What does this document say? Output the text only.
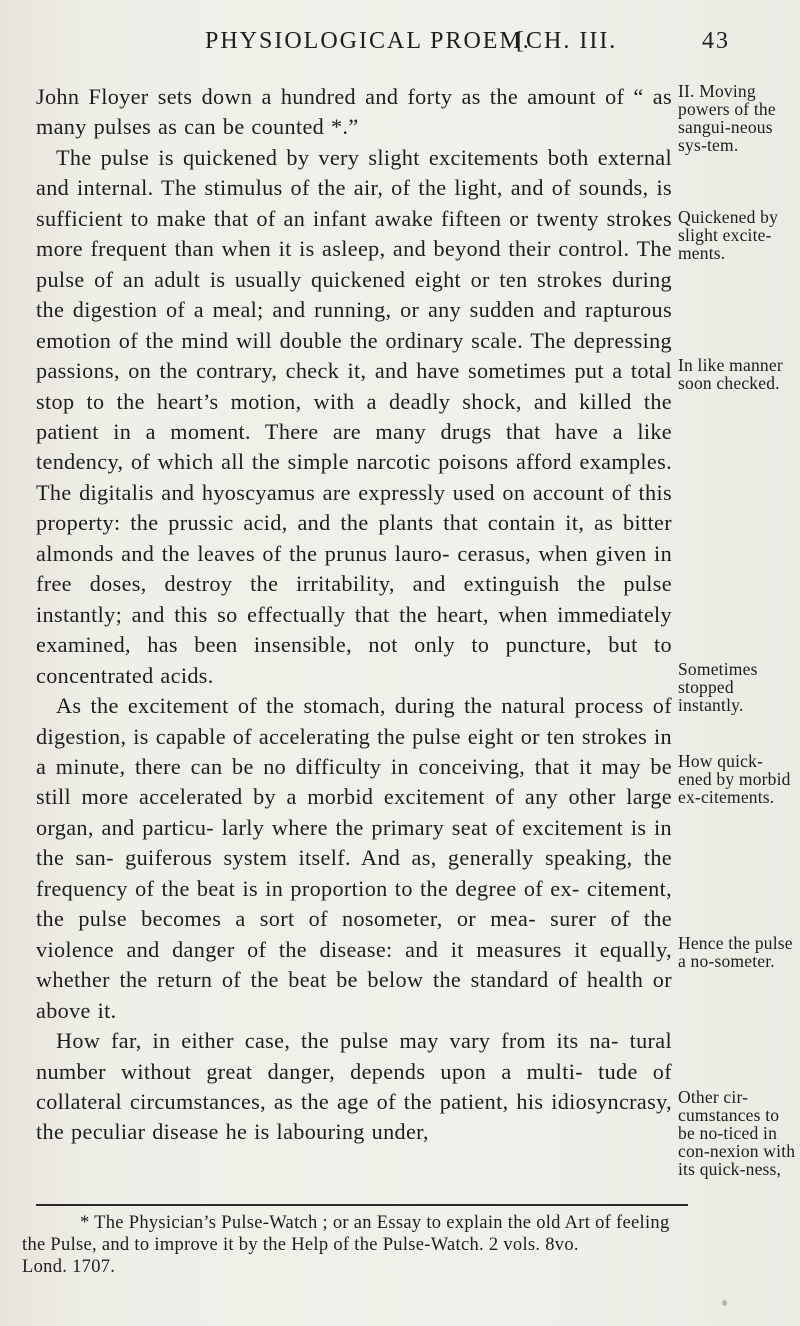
PHYSIOLOGICAL PROEM.
[CH. III.	43

John Floyer sets down a hundred and forty as the amount of “ as many pulses as can be counted *.”

The pulse is quickened by very slight excitements both external and internal. The stimulus of the air, of the light, and of sounds, is sufficient to make that of an infant awake fifteen or twenty strokes more frequent than when it is asleep, and beyond their control. The pulse of an adult is usually quickened eight or ten strokes during the digestion of a meal; and running, or any sudden and rapturous emotion of the mind will double the ordinary scale. The depressing passions, on the contrary, check it, and have sometimes put a total stop to the heart’s motion, with a deadly shock, and killed the patient in a moment. There are many drugs that have a like tendency, of which all the simple narcotic poisons afford examples. The digitalis and hyoscyamus are expressly used on account of this property: the prussic acid, and the plants that contain it, as bitter almonds and the leaves of the prunus lauro- cerasus, when given in free doses, destroy the irritability, and extinguish the pulse instantly; and this so effectually that the heart, when immediately examined, has been insensible, not only to puncture, but to concentrated acids.

As the excitement of the stomach, during the natural process of digestion, is capable of accelerating the pulse eight or ten strokes in a minute, there can be no difficulty in conceiving, that it may be still more accelerated by a morbid excitement of any other large organ, and particu- larly where the primary seat of excitement is in the san- guiferous system itself. And as, generally speaking, the frequency of the beat is in proportion to the degree of ex- citement, the pulse becomes a sort of nosometer, or mea- surer of the violence and danger of the disease: and it measures it equally, whether the return of the beat be below the standard of health or above it.

How far, in either case, the pulse may vary from its na- tural number without great danger, depends upon a multi- tude of collateral circumstances, as the age of the patient, his idiosyncrasy, the peculiar disease he is labouring under,

II. Moving powers of the sangui-neous sys-tem.
Quickened by slight excite-ments.
In like manner soon checked.
Sometimes stopped instantly.
How quick-ened by morbid ex-citements.
Hence the pulse a no-someter.
Other cir-cumstances to be no-ticed in con-nexion with its quick-ness,

* The Physician’s Pulse-Watch ; or an Essay to explain the old Art of feeling

the Pulse, and to improve it by the Help of the Pulse-Watch. 2 vols. 8vo.

Lond. 1707.
